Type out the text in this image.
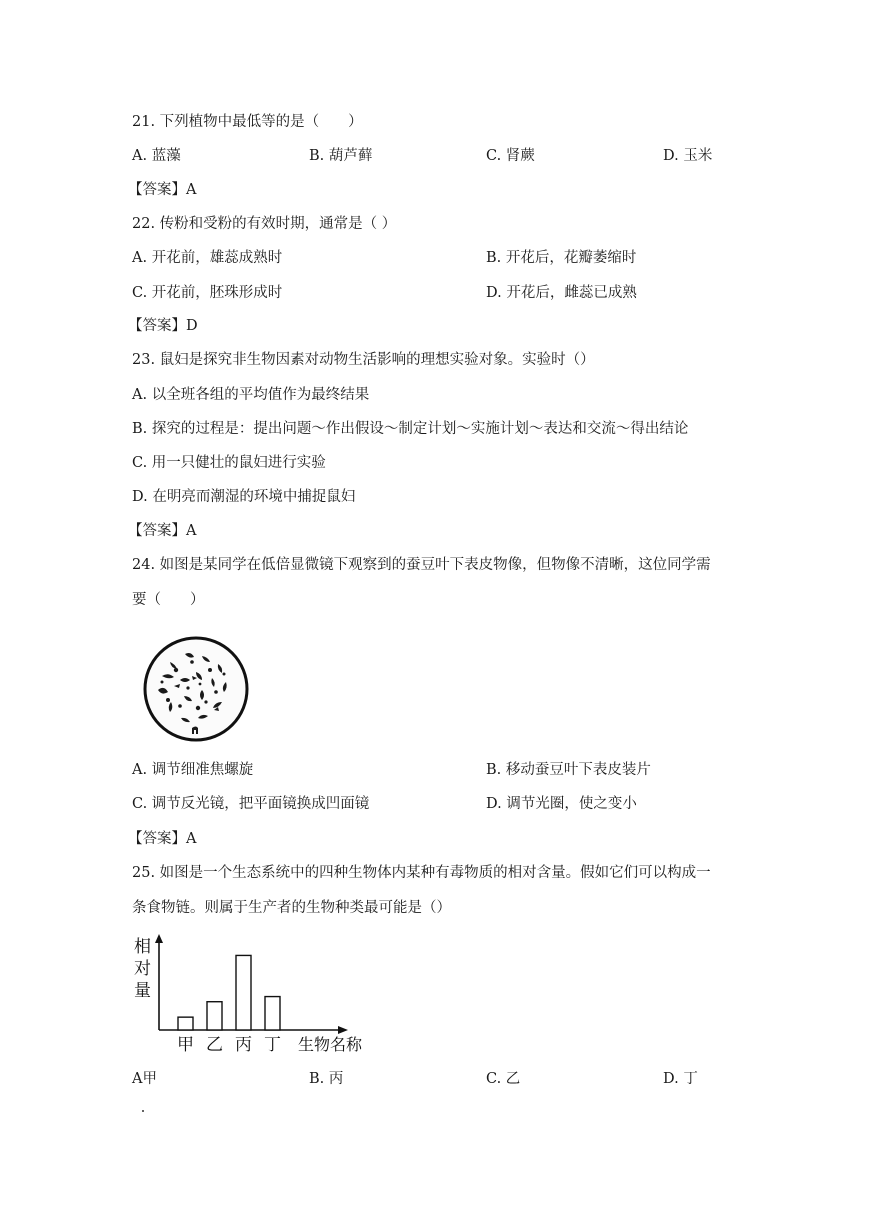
21. 下列植物中最低等的是（　　）
A. 蓝藻	B. 葫芦藓	C. 肾蕨	D. 玉米
【答案】A
22. 传粉和受粉的有效时期，通常是（ ）
A. 开花前，雄蕊成熟时	B. 开花后，花瓣萎缩时
C. 开花前，胚珠形成时	D. 开花后，雌蕊已成熟
【答案】D
23. 鼠妇是探究非生物因素对动物生活影响的理想实验对象。实验时（）
A. 以全班各组的平均值作为最终结果
B. 探究的过程是：提出问题～作出假设～制定计划～实施计划～表达和交流～得出结论
C. 用一只健壮的鼠妇进行实验
D. 在明亮而潮湿的环境中捕捉鼠妇
【答案】A
24. 如图是某同学在低倍显微镜下观察到的蚕豆叶下表皮物像，但物像不清晰，这位同学需
要（　　）
A. 调节细准焦螺旋	B. 移动蚕豆叶下表皮装片
C. 调节反光镜，把平面镜换成凹面镜	D. 调节光圈，使之变小
【答案】A
25. 如图是一个生态系统中的四种生物体内某种有毒物质的相对含量。假如它们可以构成一
条食物链。则属于生产者的生物种类最可能是（）
相
对
量
甲 乙 丙 丁 生物名称
A甲	B. 丙	C. 乙	D. 丁
